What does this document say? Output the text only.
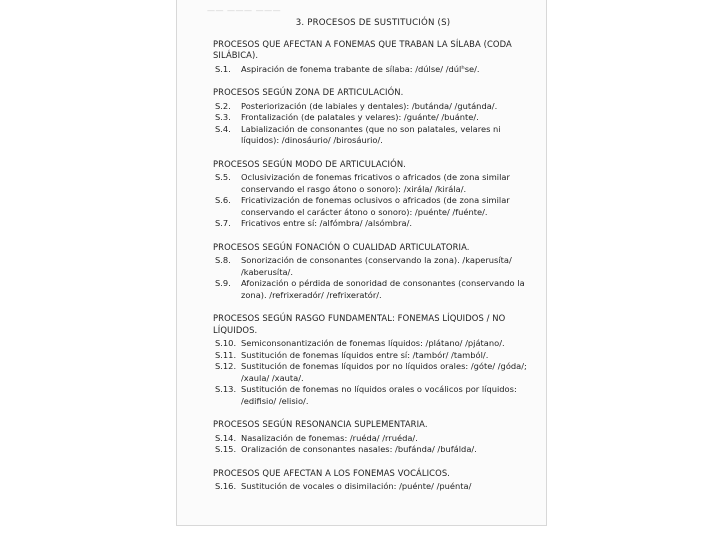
—— ——— ———
3. PROCESOS DE SUSTITUCIÓN (S)
PROCESOS QUE AFECTAN A FONEMAS QUE TRABAN LA SÍLABA (CODA SILÁBICA).
S.1.	Aspiración de fonema trabante de sílaba: /dúlse/ /dúlʰse/.
PROCESOS SEGÚN ZONA DE ARTICULACIÓN.
S.2.	Posteriorización (de labiales y dentales): /butánda/ /gutánda/.
S.3.	Frontalización (de palatales y velares): /guánte/ /buánte/.
S.4.	Labialización de consonantes (que no son palatales, velares ni líquidos): /dinosáurio/ /birosáurio/.
PROCESOS SEGÚN MODO DE ARTICULACIÓN.
S.5.	Oclusivización de fonemas fricativos o africados (de zona similar conservando el rasgo átono o sonoro): /xirála/ /királa/.
S.6.	Fricativización de fonemas oclusivos o africados (de zona similar conservando el carácter átono o sonoro): /puénte/ /fuénte/.
S.7.	Fricativos entre sí: /alfómbra/ /alsómbra/.
PROCESOS SEGÚN FONACIÓN O CUALIDAD ARTICULATORIA.
S.8.	Sonorización de consonantes (conservando la zona). /kaperusíta/ /kaberusíta/.
S.9.	Afonización o pérdida de sonoridad de consonantes (conservando la zona). /refrixeradór/ /refrixeratór/.
PROCESOS SEGÚN RASGO FUNDAMENTAL: FONEMAS LÍQUIDOS / NO LÍQUIDOS.
S.10. Semiconsonantización de fonemas líquidos: /plátano/ /pjátano/.
S.11. Sustitución de fonemas líquidos entre sí: /tambór/ /tamból/.
S.12. Sustitución de fonemas líquidos por no líquidos orales: /góte/ /góda/; /xaula/ /xauta/.
S.13. Sustitución de fonemas no líquidos orales o vocálicos por líquidos: /edifisio/ /elisio/.
PROCESOS SEGÚN RESONANCIA SUPLEMENTARIA.
S.14. Nasalización de fonemas: /ruéda/ /rruéda/.
S.15. Oralización de consonantes nasales: /bufánda/ /bufálda/.
PROCESOS QUE AFECTAN A LOS FONEMAS VOCÁLICOS.
S.16. Sustitución de vocales o disimilación: /puénte/ /puénta/
